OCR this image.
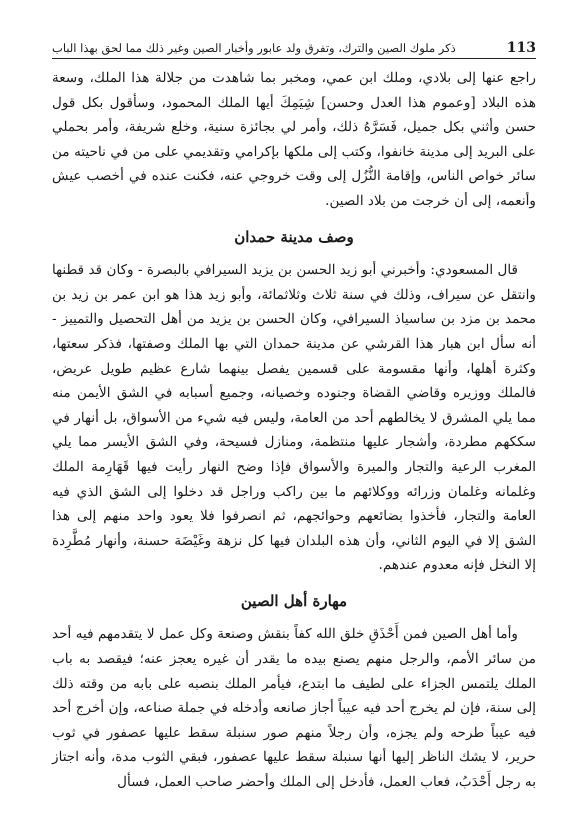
113
ذكر ملوك الصين والترك، وتفرق ولد عابور وأخبار الصين وغير ذلك مما لحق بهذا الباب

راجع عنها إلى بلادي، وملك ابن عمي، ومخبر بما شاهدت من جلالة هذا الملك، وسعة هذه البلاد [وعموم هذا العدل وحسن] شِيَمِكَ أيها الملك المحمود، وسأقول بكل قول حسن وأثني بكل جميل، فَسَرَّهُ ذلك، وأمر لي بجائزة سنية، وخلع شريفة، وأمر بحملي على البريد إلى مدينة خانفوا، وكتب إلى ملكها بإكرامي وتقديمي على من في ناحيته من سائر خواص الناس، وإقامة النُّزُل إلى وقت خروجي عنه، فكنت عنده في أخصب عيش وأنعمه، إلى أن خرجت من بلاد الصين.

وصف مدينة حمدان

قال المسعودي: وأخبرني أبو زيد الحسن بن يزيد السيرافي بالبصرة - وكان قد قطنها وانتقل عن سيراف، وذلك في سنة ثلاث وثلاثمائة، وأبو زيد هذا هو ابن عمر بن زيد بن محمد بن مزد بن ساسياذ السيرافي، وكان الحسن بن يزيد من أهل التحصيل والتمييز - أنه سأل ابن هبار هذا القرشي عن مدينة حمدان التي بها الملك وصفتها، فذكر سعتها، وكثرة أهلها، وأنها مقسومة على قسمين يفصل بينهما شارع عظيم طويل عريض، فالملك ووزيره وقاضي القضاة وجنوده وخصيانه، وجميع أسبابه في الشق الأيمن منه مما يلي المشرق لا يخالطهم أحد من العامة، وليس فيه شيء من الأسواق، بل أنهار في سككهم مطردة، وأشجار عليها منتظمة، ومنازل فسيحة، وفي الشق الأيسر مما يلي المغرب الرعية والتجار والميرة والأسواق فإذا وضح النهار رأيت فيها قَهَارِمة الملك وغلمانه وغلمان وزرائه ووكلائهم ما بين راكب وراجل قد دخلوا إلى الشق الذي فيه العامة والتجار، فأخذوا بضائعهم وحوائجهم، ثم انصرفوا فلا يعود واحد منهم إلى هذا الشق إلا في اليوم الثاني، وأن هذه البلدان فيها كل نزهة وغَيْضَة حسنة، وأنهار مُطَّرِدة إلا النخل فإنه معدوم عندهم.

مهارة أهل الصين

وأما أهل الصين فمن أَحْذَقِ خلق الله كفاً بنقش وصنعة وكل عمل لا يتقدمهم فيه أحد من سائر الأمم، والرجل منهم يصنع بيده ما يقدر أن غيره يعجز عنه؛ فيقصد به باب الملك يلتمس الجزاء على لطيف ما ابتدع، فيأمر الملك بنصبه على بابه من وقته ذلك إلى سنة، فإن لم يخرج أحد فيه عيباً أجاز صانعه وأدخله في جملة صناعه، وإن أخرج أحد فيه عيباً طرحه ولم يجزه، وأن رجلاً منهم صور سنبلة سقط عليها عصفور في ثوب حرير، لا يشك الناظر إليها أنها سنبلة سقط عليها عصفور، فبقي الثوب مدة، وأنه اجتاز به رجل أَحْدَبُ، فعاب العمل، فأدخل إلى الملك وأحضر صاحب العمل، فسأل
